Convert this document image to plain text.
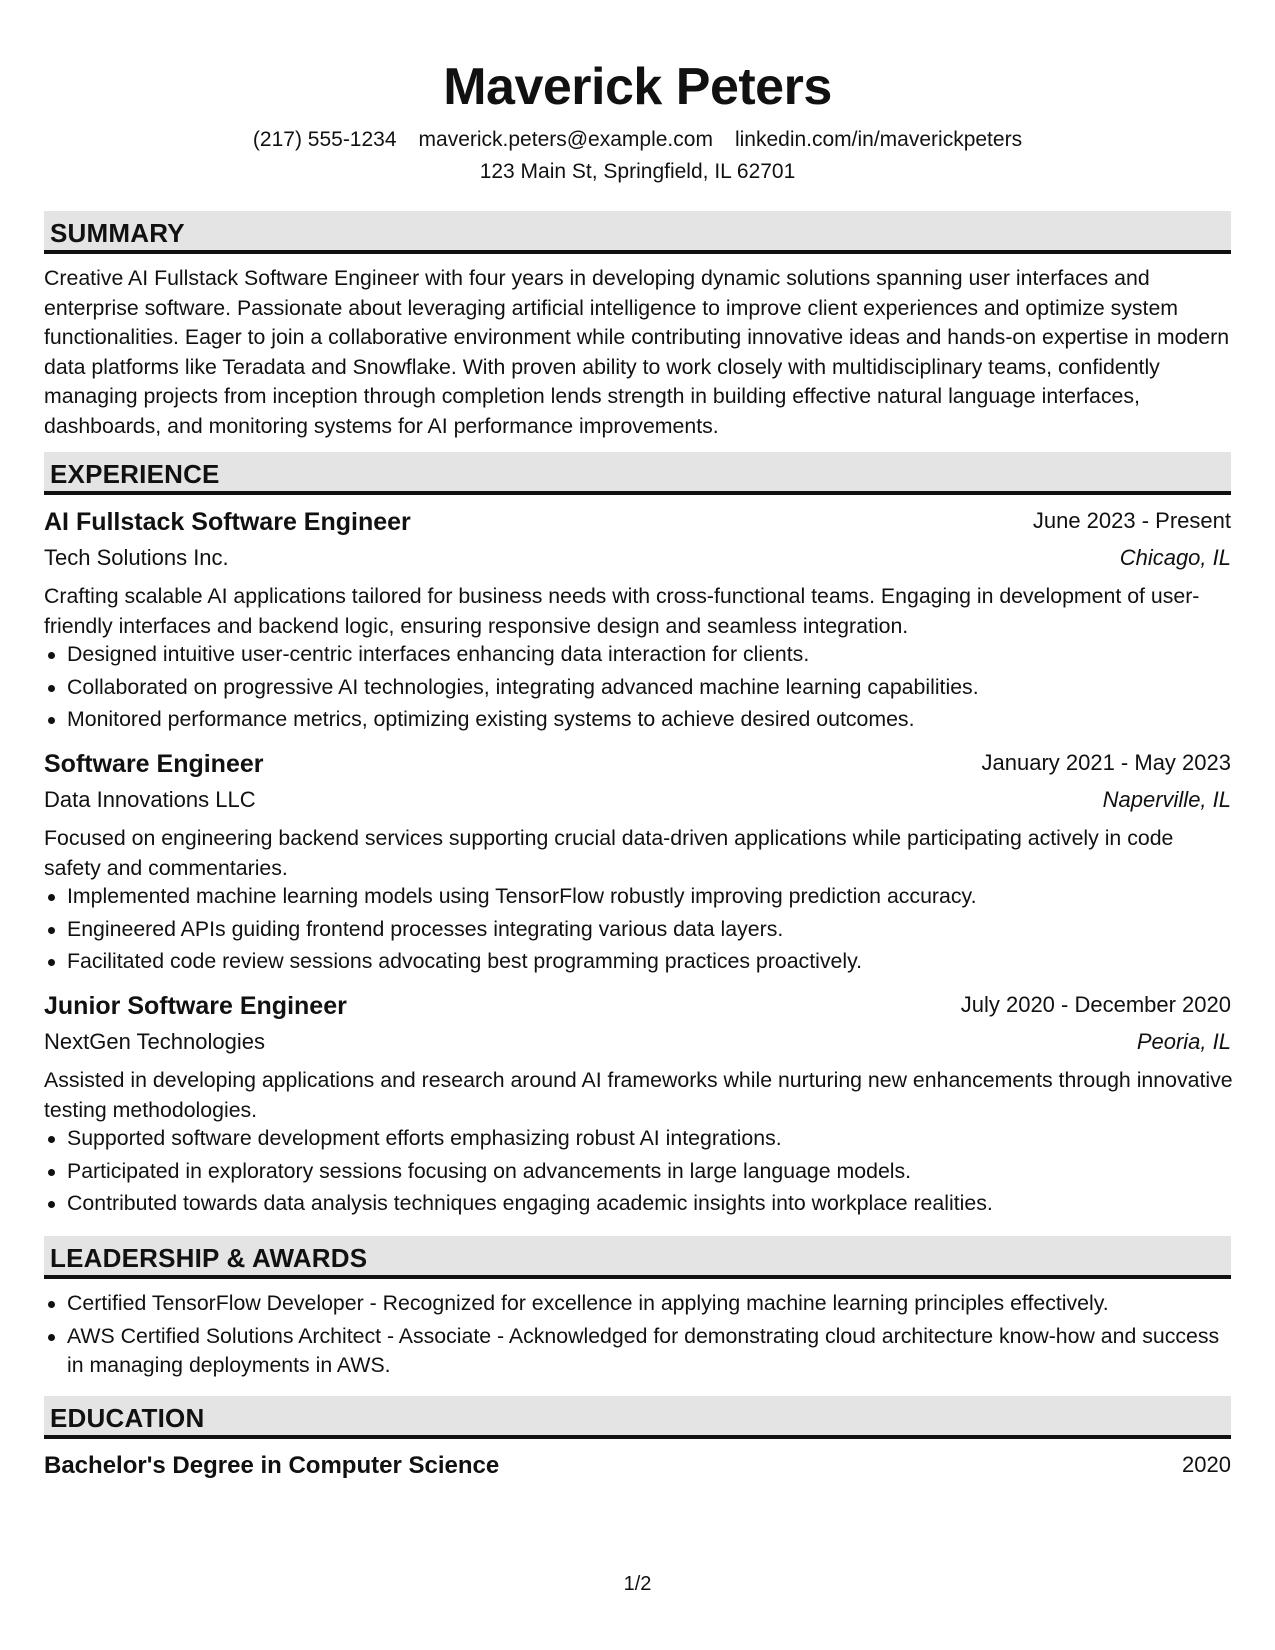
Maverick Peters
(217) 555-1234 maverick.peters@example.com linkedin.com/in/maverickpeters
123 Main St, Springfield, IL 62701
SUMMARY

Creative AI Fullstack Software Engineer with four years in developing dynamic solutions spanning user interfaces and enterprise software. Passionate about leveraging artificial intelligence to improve client experiences and optimize system functionalities. Eager to join a collaborative environment while contributing innovative ideas and hands-on expertise in modern data platforms like Teradata and Snowflake. With proven ability to work closely with multidisciplinary teams, confidently managing projects from inception through completion lends strength in building effective natural language interfaces, dashboards, and monitoring systems for AI performance improvements.

EXPERIENCE
AI Fullstack Software Engineer	June 2023 - Present
Tech Solutions Inc.	Chicago, IL

Crafting scalable AI applications tailored for business needs with cross-functional teams. Engaging in development of user-friendly interfaces and backend logic, ensuring responsive design and seamless integration.

Designed intuitive user-centric interfaces enhancing data interaction for clients.
Collaborated on progressive AI technologies, integrating advanced machine learning capabilities.
Monitored performance metrics, optimizing existing systems to achieve desired outcomes.
Software Engineer	January 2021 - May 2023
Data Innovations LLC	Naperville, IL

Focused on engineering backend services supporting crucial data-driven applications while participating actively in code safety and commentaries.

Implemented machine learning models using TensorFlow robustly improving prediction accuracy.
Engineered APIs guiding frontend processes integrating various data layers.
Facilitated code review sessions advocating best programming practices proactively.
Junior Software Engineer	July 2020 - December 2020
NextGen Technologies	Peoria, IL

Assisted in developing applications and research around AI frameworks while nurturing new enhancements through innovative testing methodologies.

Supported software development efforts emphasizing robust AI integrations.
Participated in exploratory sessions focusing on advancements in large language models.
Contributed towards data analysis techniques engaging academic insights into workplace realities.
LEADERSHIP & AWARDS
Certified TensorFlow Developer - Recognized for excellence in applying machine learning principles effectively.
AWS Certified Solutions Architect - Associate - Acknowledged for demonstrating cloud architecture know-how and success in managing deployments in AWS.
EDUCATION
Bachelor's Degree in Computer Science	2020
1/2
